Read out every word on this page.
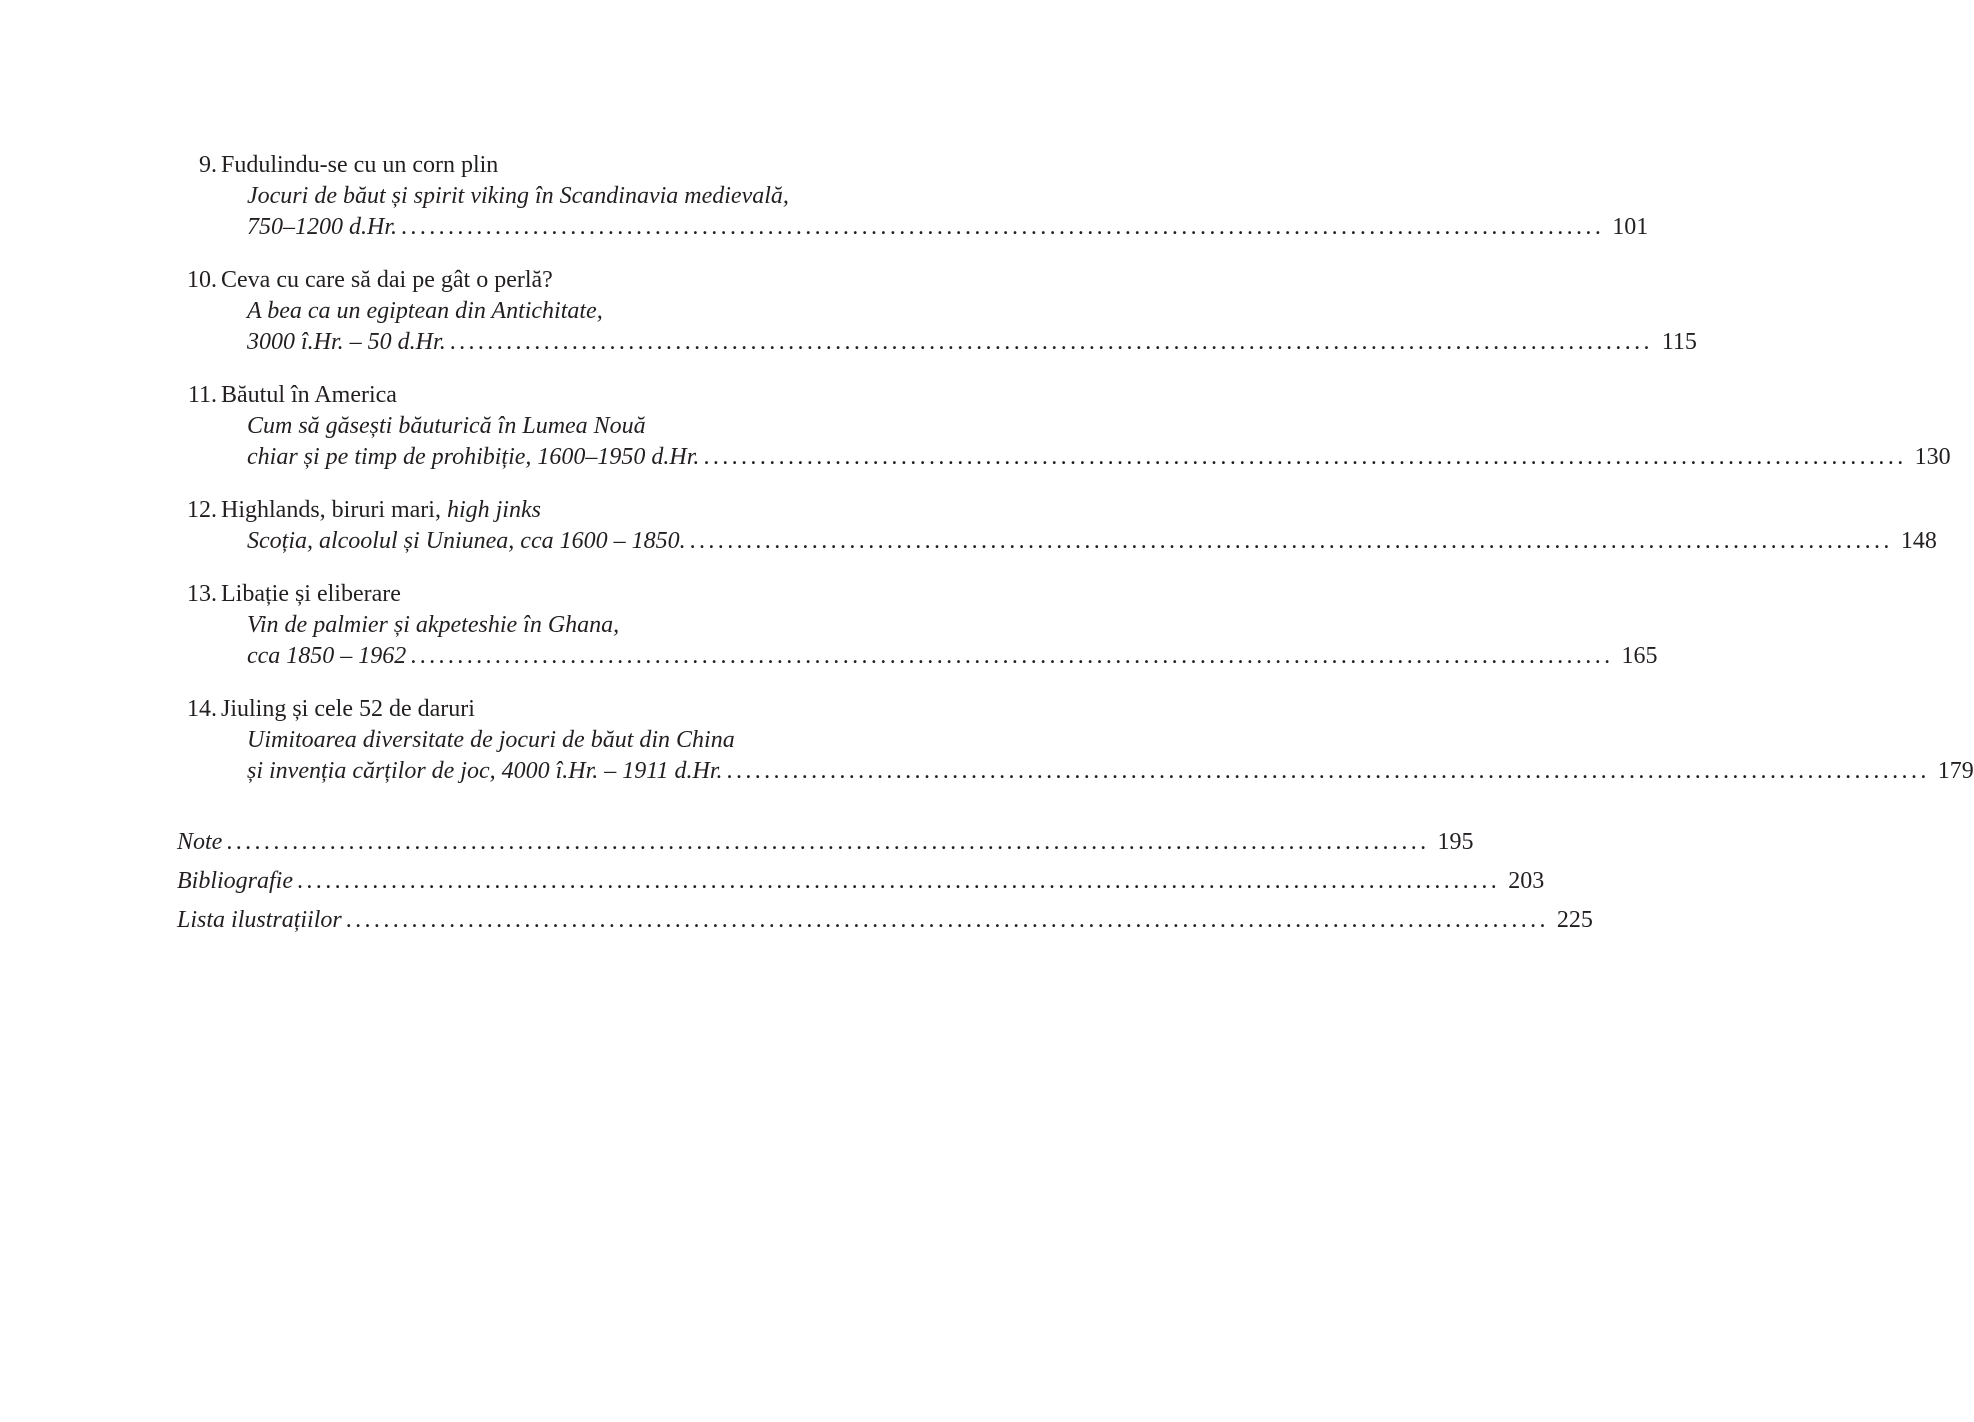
9. Fudulindu-se cu un corn plin
Jocuri de băut și spirit viking în Scandinavia medievală,
750–1200 d.Hr. ................................................................................................................................ 101
10. Ceva cu care să dai pe gât o perlă?
A bea ca un egiptean din Antichitate,
3000 î.Hr. – 50 d.Hr. ................................................................................................................................ 115
11. Băutul în America
Cum să găsești băuturică în Lumea Nouă
chiar și pe timp de prohibiție, 1600–1950 d.Hr. ................................................................................................................................ 130
12. Highlands, biruri mari, high jinks
Scoția, alcoolul și Uniunea, cca 1600 – 1850. ................................................................................................................................ 148
13. Libație și eliberare
Vin de palmier și akpeteshie în Ghana,
cca 1850 – 1962 ................................................................................................................................ 165
14. Jiuling și cele 52 de daruri
Uimitoarea diversitate de jocuri de băut din China
și invenția cărților de joc, 4000 î.Hr. – 1911 d.Hr. ................................................................................................................................ 179
Note ................................................................................................................................ 195
Bibliografie ................................................................................................................................ 203
Lista ilustrațiilor ................................................................................................................................ 225
